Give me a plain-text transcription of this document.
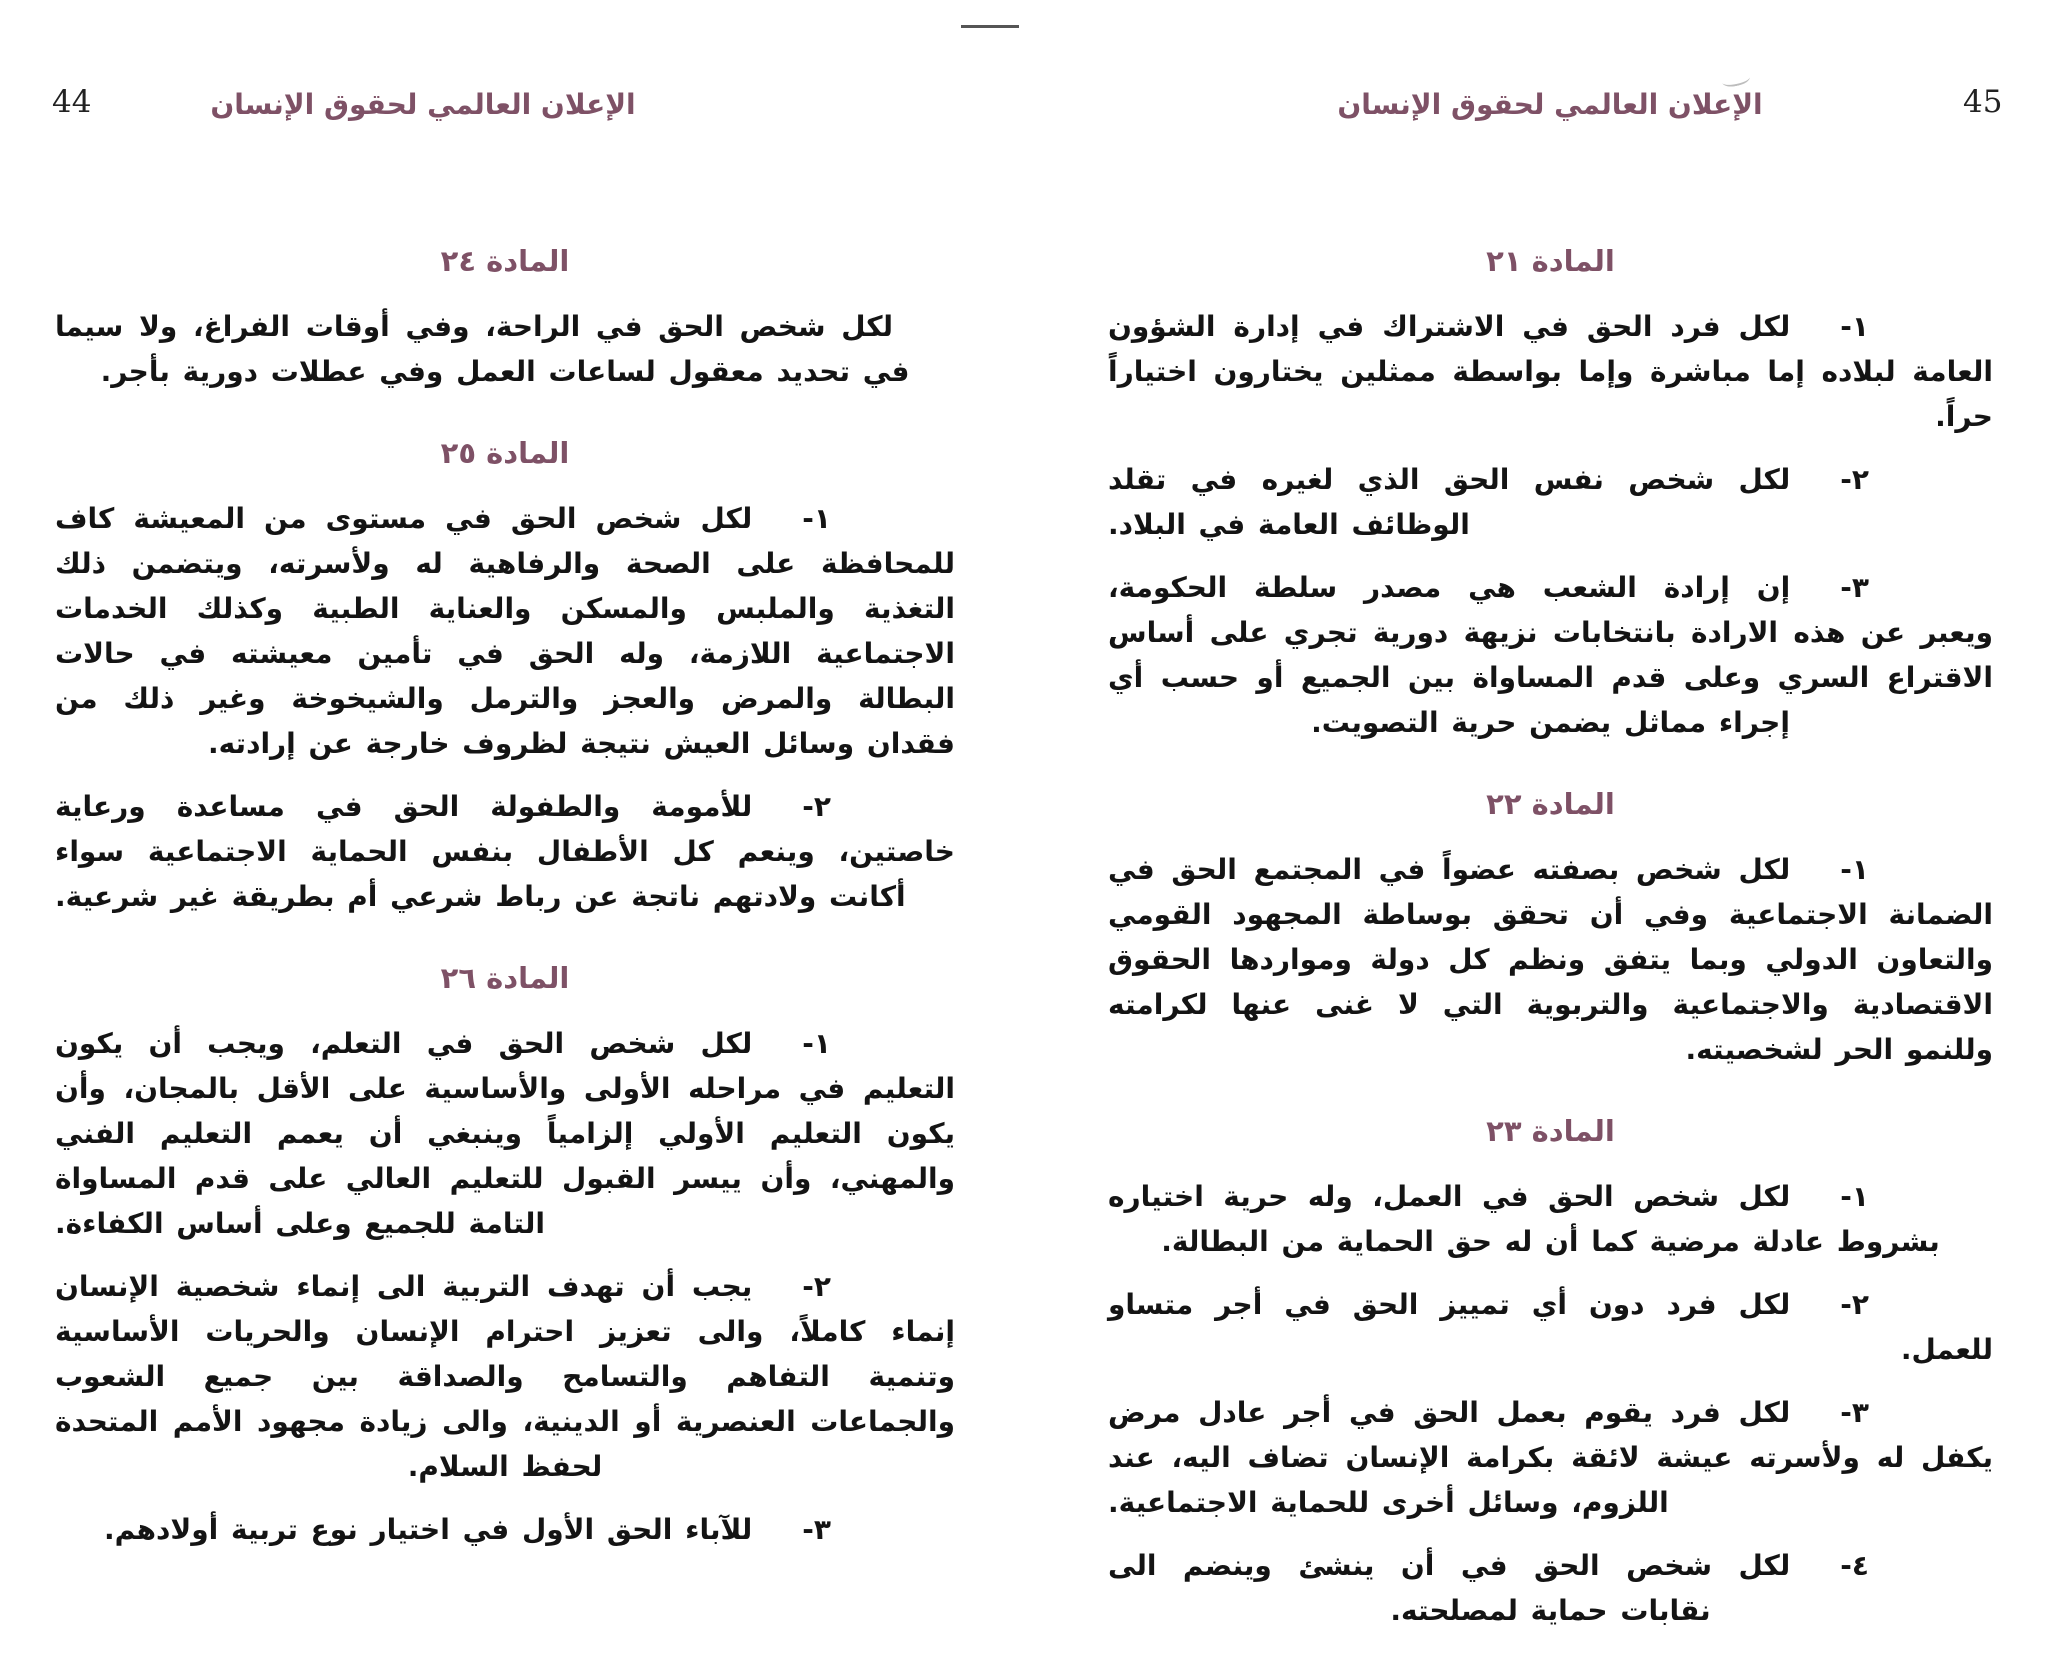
44	الإعلان العالمي لحقوق الإنسان
المادة ٢٤

لكل شخص الحق في الراحة، وفي أوقات الفراغ، ولا سيما في تحديد معقول لساعات العمل وفي عطلات دورية بأجر.

المادة ٢٥

١-لكل شخص الحق في مستوى من المعيشة كاف للمحافظة على الصحة والرفاهية له ولأسرته، ويتضمن ذلك التغذية والملبس والمسكن والعناية الطبية وكذلك الخدمات الاجتماعية اللازمة، وله الحق في تأمين معيشته في حالات البطالة والمرض والعجز والترمل والشيخوخة وغير ذلك من فقدان وسائل العيش نتيجة لظروف خارجة عن إرادته.

٢-للأمومة والطفولة الحق في مساعدة ورعاية خاصتين، وينعم كل الأطفال بنفس الحماية الاجتماعية سواء أكانت ولادتهم ناتجة عن رباط شرعي أم بطريقة غير شرعية.

المادة ٢٦

١-لكل شخص الحق في التعلم، ويجب أن يكون التعليم في مراحله الأولى والأساسية على الأقل بالمجان، وأن يكون التعليم الأولي إلزامياً وينبغي أن يعمم التعليم الفني والمهني، وأن ييسر القبول للتعليم العالي على قدم المساواة التامة للجميع وعلى أساس الكفاءة.

٢-يجب أن تهدف التربية الى إنماء شخصية الإنسان إنماء كاملاً، والى تعزيز احترام الإنسان والحريات الأساسية وتنمية التفاهم والتسامح والصداقة بين جميع الشعوب والجماعات العنصرية أو الدينية، والى زيادة مجهود الأمم المتحدة لحفظ السلام.

٣-للآباء الحق الأول في اختيار نوع تربية أولادهم.

45
الإعلان العالمي لحقوق الإنسان
المادة ٢١

١-لكل فرد الحق في الاشتراك في إدارة الشؤون العامة لبلاده إما مباشرة وإما بواسطة ممثلين يختارون اختياراً حراً.

٢-لكل شخص نفس الحق الذي لغيره في تقلد الوظائف العامة في البلاد.

٣-إن إرادة الشعب هي مصدر سلطة الحكومة، ويعبر عن هذه الارادة بانتخابات نزيهة دورية تجري على أساس الاقتراع السري وعلى قدم المساواة بين الجميع أو حسب أي إجراء مماثل يضمن حرية التصويت.

المادة ٢٢

١-لكل شخص بصفته عضواً في المجتمع الحق في الضمانة الاجتماعية وفي أن تحقق بوساطة المجهود القومي والتعاون الدولي وبما يتفق ونظم كل دولة ومواردها الحقوق الاقتصادية والاجتماعية والتربوية التي لا غنى عنها لكرامته وللنمو الحر لشخصيته.

المادة ٢٣

١-لكل شخص الحق في العمل، وله حرية اختياره بشروط عادلة مرضية كما أن له حق الحماية من البطالة.

٢-لكل فرد دون أي تمييز الحق في أجر متساو للعمل.

٣-لكل فرد يقوم بعمل الحق في أجر عادل مرض يكفل له ولأسرته عيشة لائقة بكرامة الإنسان تضاف اليه، عند اللزوم، وسائل أخرى للحماية الاجتماعية.

٤-لكل شخص الحق في أن ينشئ وينضم الى نقابات حماية لمصلحته.
